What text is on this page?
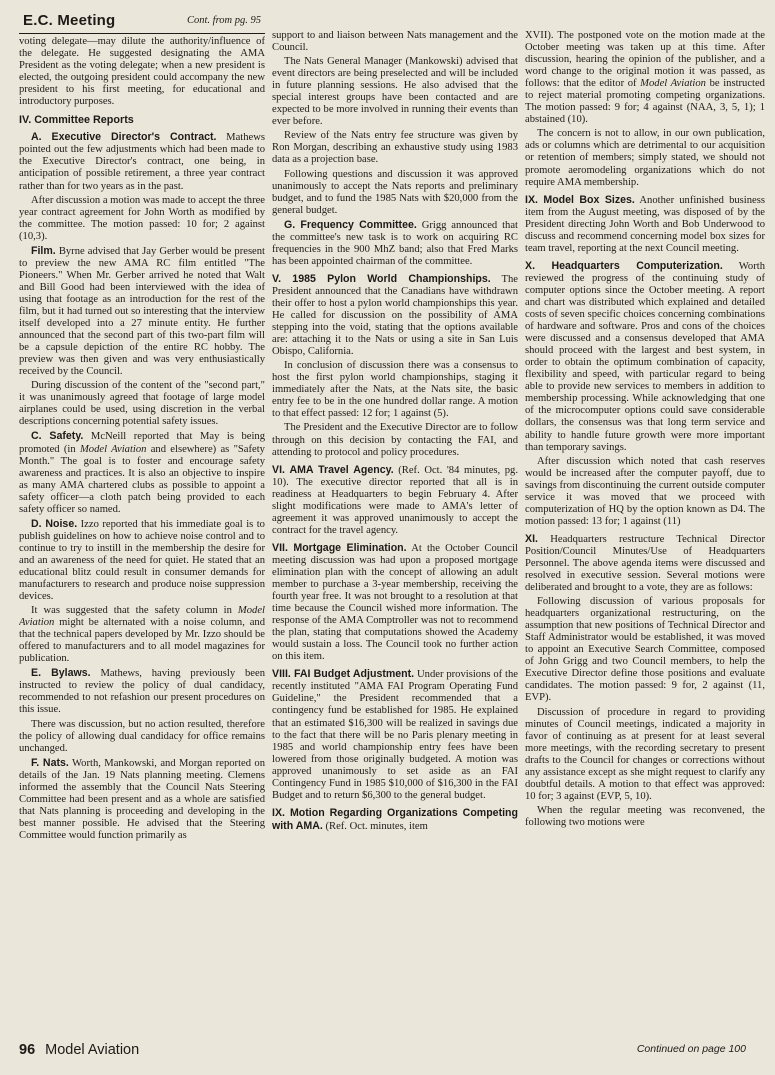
E.C. Meeting	Cont. from pg. 95

voting delegate—may dilute the authority/influence of the delegate. He suggested designating the AMA President as the voting delegate; when a new president is elected, the outgoing president could accompany the new president to his first meeting, for educational and introductory purposes.

IV. Committee Reports

A. Executive Director's Contract. Mathews pointed out the few adjustments which had been made to the Executive Director's contract, one being, in anticipation of possible retirement, a three year contract rather than for two years as in the past.

After discussion a motion was made to accept the three year contract agreement for John Worth as modified by the committee. The motion passed: 10 for; 2 against (10,3).

Film. Byrne advised that Jay Gerber would be present to preview the new AMA RC film entitled "The Pioneers." When Mr. Gerber arrived he noted that Walt and Bill Good had been interviewed with the idea of using that footage as an introduction for the rest of the film, but it had turned out so interesting that the interview itself developed into a 27 minute entity. He further announced that the second part of this two-part film will be a capsule depiction of the entire RC hobby. The preview was then given and was very enthusiastically received by the Council.

During discussion of the content of the "second part," it was unanimously agreed that footage of large model airplanes could be used, using discretion in the verbal descriptions concerning potential safety issues.

C. Safety. McNeill reported that May is being promoted (in Model Aviation and elsewhere) as "Safety Month." The goal is to foster and encourage safety awareness and practices. It is also an objective to inspire as many AMA chartered clubs as possible to appoint a safety officer—a cloth patch being provided to each safety officer so named.

D. Noise. Izzo reported that his immediate goal is to publish guidelines on how to achieve noise control and to continue to try to instill in the membership the desire for and an awareness of the need for quiet. He stated that an educational blitz could result in consumer demands for manufacturers to research and produce noise suppression devices.

It was suggested that the safety column in Model Aviation might be alternated with a noise column, and that the technical papers developed by Mr. Izzo should be offered to manufacturers and to all model magazines for publication.

E. Bylaws. Mathews, having previously been instructed to review the policy of dual candidacy, recommended to not refashion our present procedures on this issue.

There was discussion, but no action resulted, therefore the policy of allowing dual candidacy for office remains unchanged.

F. Nats. Worth, Mankowski, and Morgan reported on details of the Jan. 19 Nats planning meeting. Clemens informed the assembly that the Council Nats Steering Committee had been present and as a whole are satisfied that Nats planning is proceeding and developing in the best manner possible. He advised that the Steering Committee would function primarily as

support to and liaison between Nats management and the Council.

The Nats General Manager (Mankowski) advised that event directors are being preselected and will be included in future planning sessions. He also advised that the special interest groups have been contacted and are expected to be more involved in running their events than ever before.

Review of the Nats entry fee structure was given by Ron Morgan, describing an exhaustive study using 1983 data as a projection base.

Following questions and discussion it was approved unanimously to accept the Nats reports and preliminary budget, and to fund the 1985 Nats with $20,000 from the general budget.

G. Frequency Committee. Grigg announced that the committee's new task is to work on acquiring RC frequencies in the 900 MhZ band; also that Fred Marks has been appointed chairman of the committee.

V. 1985 Pylon World Championships. The President announced that the Canadians have withdrawn their offer to host a pylon world championships this year. He called for discussion on the possibility of AMA stepping into the void, stating that the options available are: attaching it to the Nats or using a site in San Luis Obispo, California.

In conclusion of discussion there was a consensus to host the first pylon world championships, staging it immediately after the Nats, at the Nats site, the basic entry fee to be in the one hundred dollar range. A motion to that effect passed: 12 for; 1 against (5).

The President and the Executive Director are to follow through on this decision by contacting the FAI, and attending to protocol and policy procedures.

VI. AMA Travel Agency. (Ref. Oct. '84 minutes, pg. 10). The executive director reported that all is in readiness at Headquarters to begin February 4. After slight modifications were made to AMA's letter of agreement it was approved unanimously to accept the contract for the travel agency.

VII. Mortgage Elimination. At the October Council meeting discussion was had upon a proposed mortgage elimination plan with the concept of allowing an adult member to purchase a 3-year membership, receiving the fourth year free. It was not brought to a resolution at that time because the Council wished more information. The response of the AMA Comptroller was not to recommend the plan, stating that computations showed the Academy would sustain a loss. The Council took no further action on this item.

VIII. FAI Budget Adjustment. Under provisions of the recently instituted "AMA FAI Program Operating Fund Guideline," the President recommended that a contingency fund be established for 1985. He explained that an estimated $16,300 will be realized in savings due to the fact that there will be no Paris plenary meeting in 1985 and world championship entry fees have been lowered from those originally budgeted. A motion was approved unanimously to set aside as an FAI Contingency Fund in 1985 $10,000 of $16,300 in the FAI Budget and to return $6,300 to the general budget.

IX. Motion Regarding Organizations Competing with AMA. (Ref. Oct. minutes, item

XVII). The postponed vote on the motion made at the October meeting was taken up at this time. After discussion, hearing the opinion of the publisher, and a word change to the original motion it was passed, as follows: that the editor of Model Aviation be instructed to reject material promoting competing organizations. The motion passed: 9 for; 4 against (NAA, 3, 5, 1); 1 abstained (10).

The concern is not to allow, in our own publication, ads or columns which are detrimental to our acquisition or retention of members; simply stated, we should not promote aeromodeling organizations which do not require AMA membership.

IX. Model Box Sizes. Another unfinished business item from the August meeting, was disposed of by the President directing John Worth and Bob Underwood to discuss and recommend concerning model box sizes for team travel, reporting at the next Council meeting.

X. Headquarters Computerization. Worth reviewed the progress of the continuing study of computer options since the October meeting. A report and chart was distributed which explained and detailed costs of seven specific choices concerning combinations of hardware and software. Pros and cons of the choices were discussed and a consensus developed that AMA should proceed with the largest and best system, in order to obtain the optimum combination of capacity, flexibility and speed, with particular regard to being able to provide new services to members in addition to membership processing. While acknowledging that one of the microcomputer options could save considerable dollars, the consensus was that long term service and ability to handle future growth were more important than temporary savings.

After discussion which noted that cash reserves would be increased after the computer payoff, due to savings from discontinuing the current outside computer service it was moved that we proceed with computerization of HQ by the option known as D4. The motion passed: 13 for; 1 against (11)

XI. Headquarters restructure Technical Director Position/Council Minutes/Use of Headquarters Personnel. The above agenda items were discussed and resolved in executive session. Several motions were deliberated and brought to a vote, they are as follows:

Following discussion of various proposals for headquarters organizational restructuring, on the assumption that new positions of Technical Director and Staff Administrator would be established, it was moved to appoint an Executive Search Committee, composed of John Grigg and two Council members, to help the Executive Director define those positions and evaluate candidates. The motion passed: 9 for, 2 against (11, EVP).

Discussion of procedure in regard to providing minutes of Council meetings, indicated a majority in favor of continuing as at present for at least several more meetings, with the recording secretary to present drafts to the Council for changes or corrections without any assistance except as she might request to clarify any doubtful details. A motion to that effect was approved: 10 for; 3 against (EVP, 5, 10).

When the regular meeting was reconvened, the following two motions were

Continued on page 100
96 Model Aviation
